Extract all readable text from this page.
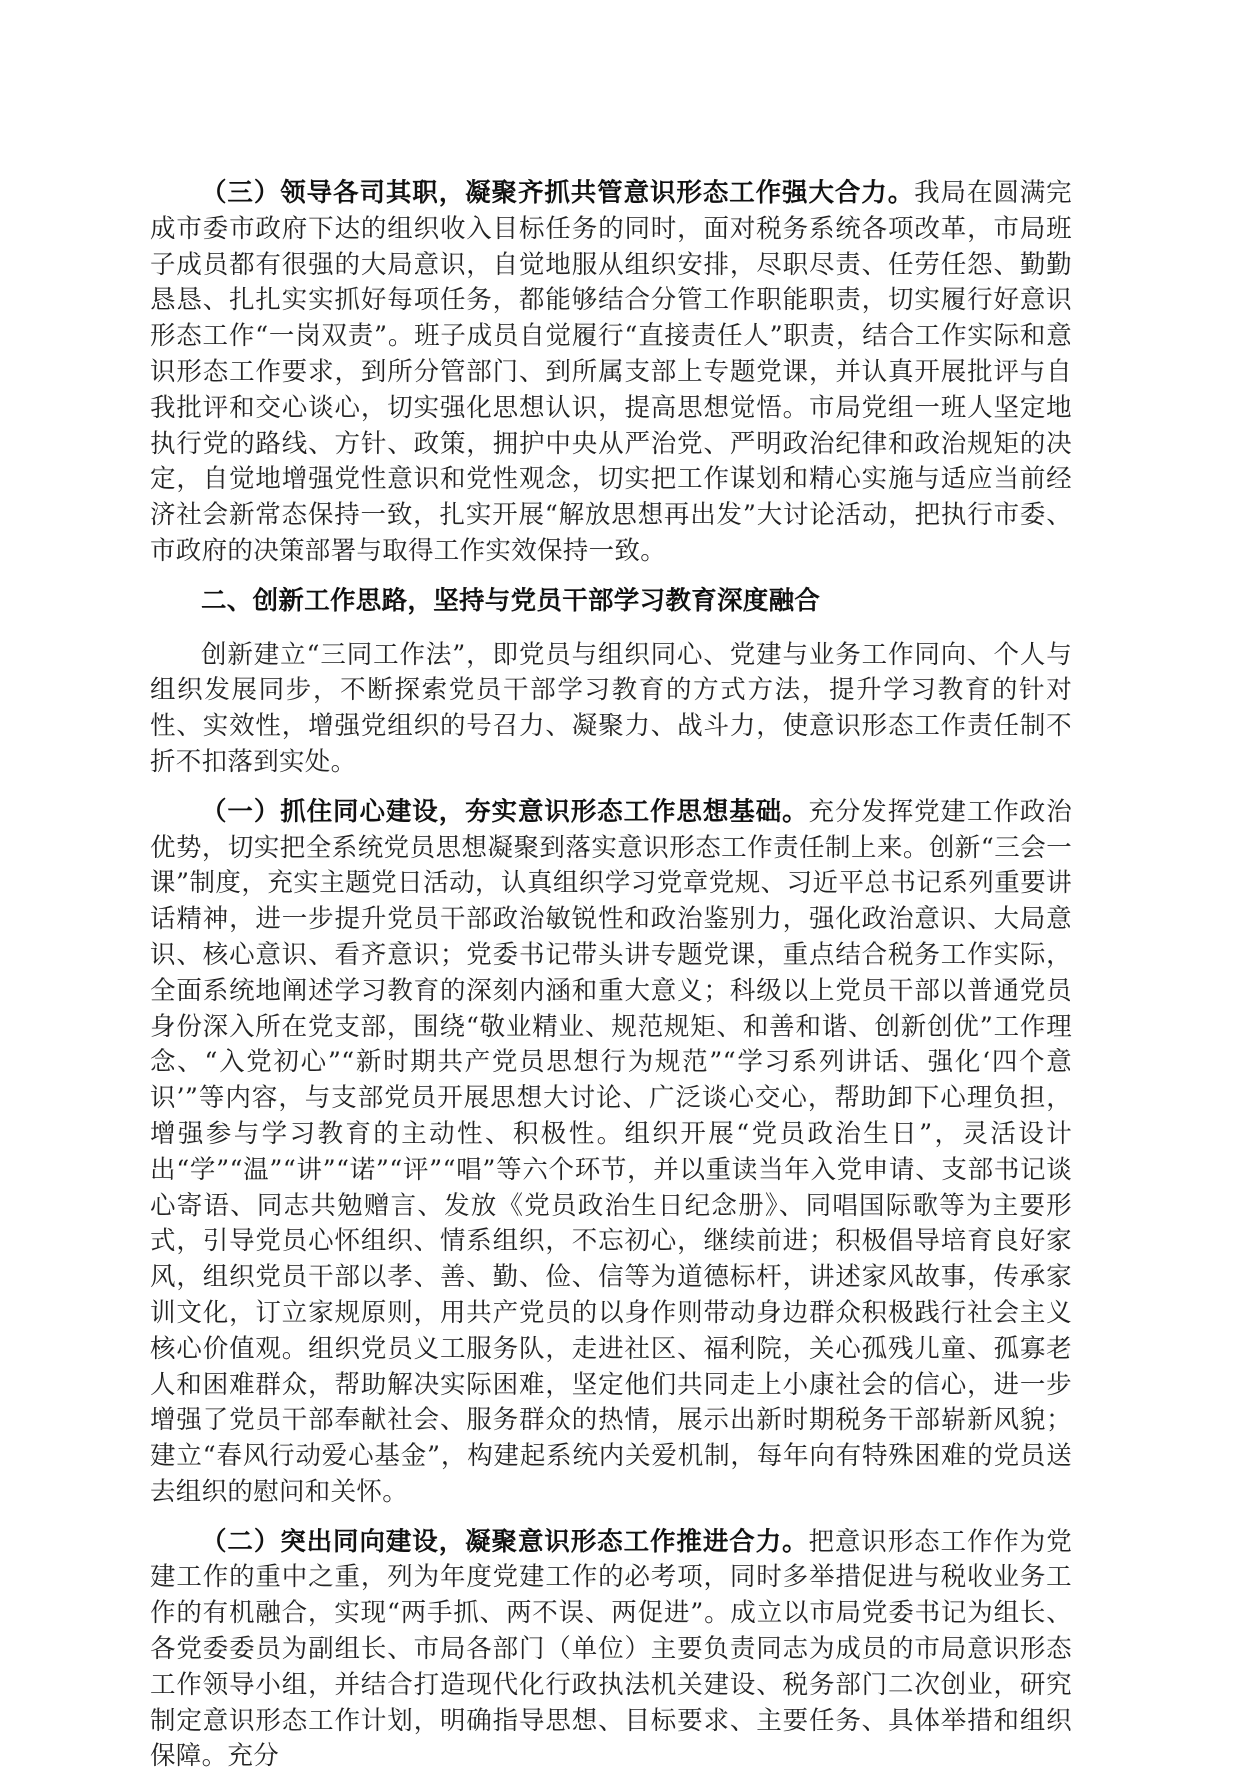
（三）领导各司其职，凝聚齐抓共管意识形态工作强大合力。我局在圆满完成市委市政府下达的组织收入目标任务的同时，面对税务系统各项改革，市局班子成员都有很强的大局意识，自觉地服从组织安排，尽职尽责、任劳任怨、勤勤恳恳、扎扎实实抓好每项任务，都能够结合分管工作职能职责，切实履行好意识形态工作“一岗双责”。班子成员自觉履行“直接责任人”职责，结合工作实际和意识形态工作要求，到所分管部门、到所属支部上专题党课，并认真开展批评与自我批评和交心谈心，切实强化思想认识，提高思想觉悟。市局党组一班人坚定地执行党的路线、方针、政策，拥护中央从严治党、严明政治纪律和政治规矩的决定，自觉地增强党性意识和党性观念，切实把工作谋划和精心实施与适应当前经济社会新常态保持一致，扎实开展“解放思想再出发”大讨论活动，把执行市委、市政府的决策部署与取得工作实效保持一致。

二、创新工作思路，坚持与党员干部学习教育深度融合

创新建立“三同工作法”，即党员与组织同心、党建与业务工作同向、个人与组织发展同步，不断探索党员干部学习教育的方式方法，提升学习教育的针对性、实效性，增强党组织的号召力、凝聚力、战斗力，使意识形态工作责任制不折不扣落到实处。

（一）抓住同心建设，夯实意识形态工作思想基础。充分发挥党建工作政治优势，切实把全系统党员思想凝聚到落实意识形态工作责任制上来。创新“三会一课”制度，充实主题党日活动，认真组织学习党章党规、习近平总书记系列重要讲话精神，进一步提升党员干部政治敏锐性和政治鉴别力，强化政治意识、大局意识、核心意识、看齐意识；党委书记带头讲专题党课，重点结合税务工作实际，全面系统地阐述学习教育的深刻内涵和重大意义；科级以上党员干部以普通党员身份深入所在党支部，围绕“敬业精业、规范规矩、和善和谐、创新创优”工作理念、“入党初心”“新时期共产党员思想行为规范”“学习系列讲话、强化‘四个意识’”等内容，与支部党员开展思想大讨论、广泛谈心交心，帮助卸下心理负担，增强参与学习教育的主动性、积极性。组织开展“党员政治生日”，灵活设计出“学”“温”“讲”“诺”“评”“唱”等六个环节，并以重读当年入党申请、支部书记谈心寄语、同志共勉赠言、发放《党员政治生日纪念册》、同唱国际歌等为主要形式，引导党员心怀组织、情系组织，不忘初心，继续前进；积极倡导培育良好家风，组织党员干部以孝、善、勤、俭、信等为道德标杆，讲述家风故事，传承家训文化，订立家规原则，用共产党员的以身作则带动身边群众积极践行社会主义核心价值观。组织党员义工服务队，走进社区、福利院，关心孤残儿童、孤寡老人和困难群众，帮助解决实际困难，坚定他们共同走上小康社会的信心，进一步增强了党员干部奉献社会、服务群众的热情，展示出新时期税务干部崭新风貌；建立“春风行动爱心基金”，构建起系统内关爱机制，每年向有特殊困难的党员送去组织的慰问和关怀。

（二）突出同向建设，凝聚意识形态工作推进合力。把意识形态工作作为党建工作的重中之重，列为年度党建工作的必考项，同时多举措促进与税收业务工作的有机融合，实现“两手抓、两不误、两促进”。成立以市局党委书记为组长、各党委委员为副组长、市局各部门（单位）主要负责同志为成员的市局意识形态工作领导小组，并结合打造现代化行政执法机关建设、税务部门二次创业，研究制定意识形态工作计划，明确指导思想、目标要求、主要任务、具体举措和组织保障。充分
